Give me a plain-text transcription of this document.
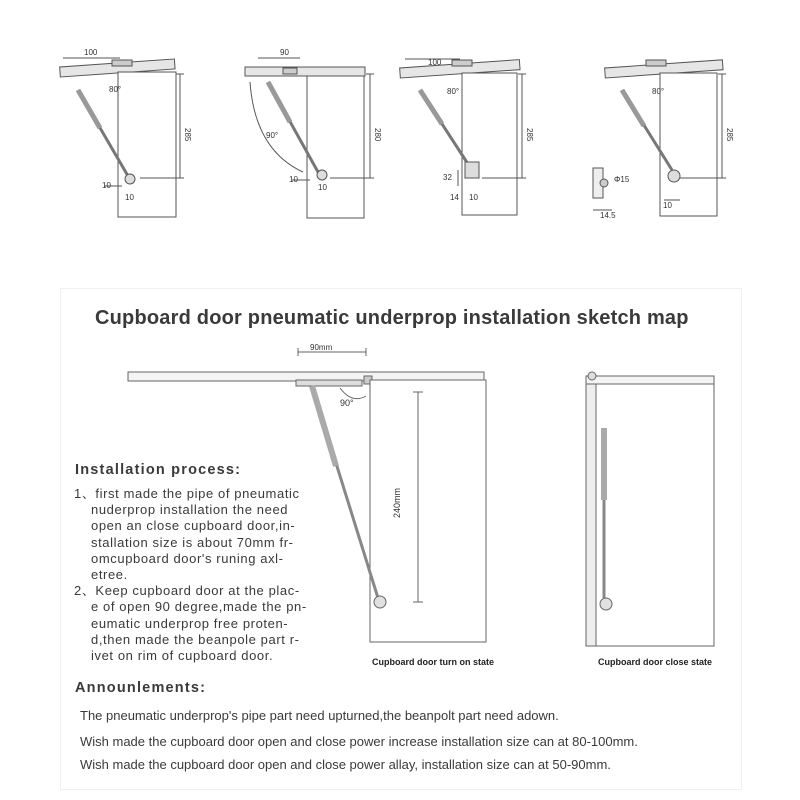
100
80°
285
10
10
90
90°	280
10
10
100
80°
285
32
14 10
80°
285
Φ15
14.5
10
Cupboard door pneumatic underprop installation sketch map
90mm
90°
240mm
Cupboard door turn on state	Cupboard door close state
Installation process:
1、first made the pipe of pneumatic
nuderprop installation the need
open an close cupboard door,in-
stallation size is about 70mm fr-
omcupboard door's runing axl-
etree.
2、Keep cupboard door at the plac-
e of open 90 degree,made the pn-
eumatic underprop free proten-
d,then made the beanpole part r-
ivet on rim of cupboard door.
Announlements:
The pneumatic underprop's pipe part need upturned,the beanpolt part need adown.
Wish made the cupboard door open and close power increase installation size can at 80-100mm.
Wish made the cupboard door open and close power allay, installation size can at 50-90mm.
